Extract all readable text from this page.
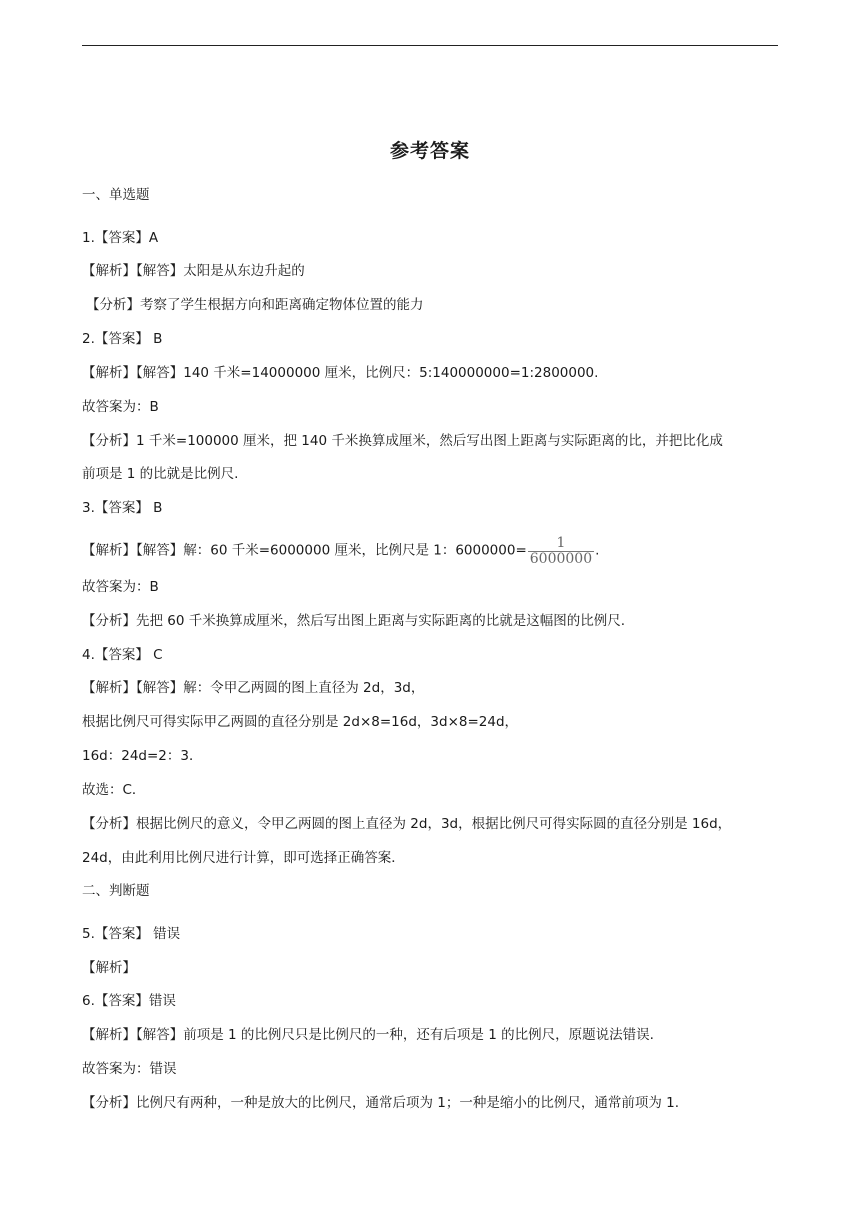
参考答案
一、单选题
1.【答案】A
【解析】【解答】太阳是从东边升起的
【分析】考察了学生根据方向和距离确定物体位置的能力
2.【答案】 B
【解析】【解答】140 千米=14000000 厘米，比例尺：5:140000000=1:2800000.
故答案为：B
【分析】1 千米=100000 厘米，把 140 千米换算成厘米，然后写出图上距离与实际距离的比，并把比化成
前项是 1 的比就是比例尺.
3.【答案】 B
【解析】【解答】解：60 千米=6000000 厘米，比例尺是 1：$6000000= \frac{1}{6000000}$ .
故答案为：B
【分析】先把 60 千米换算成厘米，然后写出图上距离与实际距离的比就是这幅图的比例尺.
4.【答案】 C
【解析】【解答】解：令甲乙两圆的图上直径为 2d，3d，
根据比例尺可得实际甲乙两圆的直径分别是 2d×8=16d，3d×8=24d，
16d：24d=2：3．
故选：C．
【分析】根据比例尺的意义，令甲乙两圆的图上直径为 2d，3d，根据比例尺可得实际圆的直径分别是 16d，
24d，由此利用比例尺进行计算，即可选择正确答案．
二、判断题
5.【答案】 错误
【解析】
6.【答案】错误
【解析】【解答】前项是 1 的比例尺只是比例尺的一种，还有后项是 1 的比例尺，原题说法错误.
故答案为：错误
【分析】比例尺有两种，一种是放大的比例尺，通常后项为 1；一种是缩小的比例尺，通常前项为 1.
